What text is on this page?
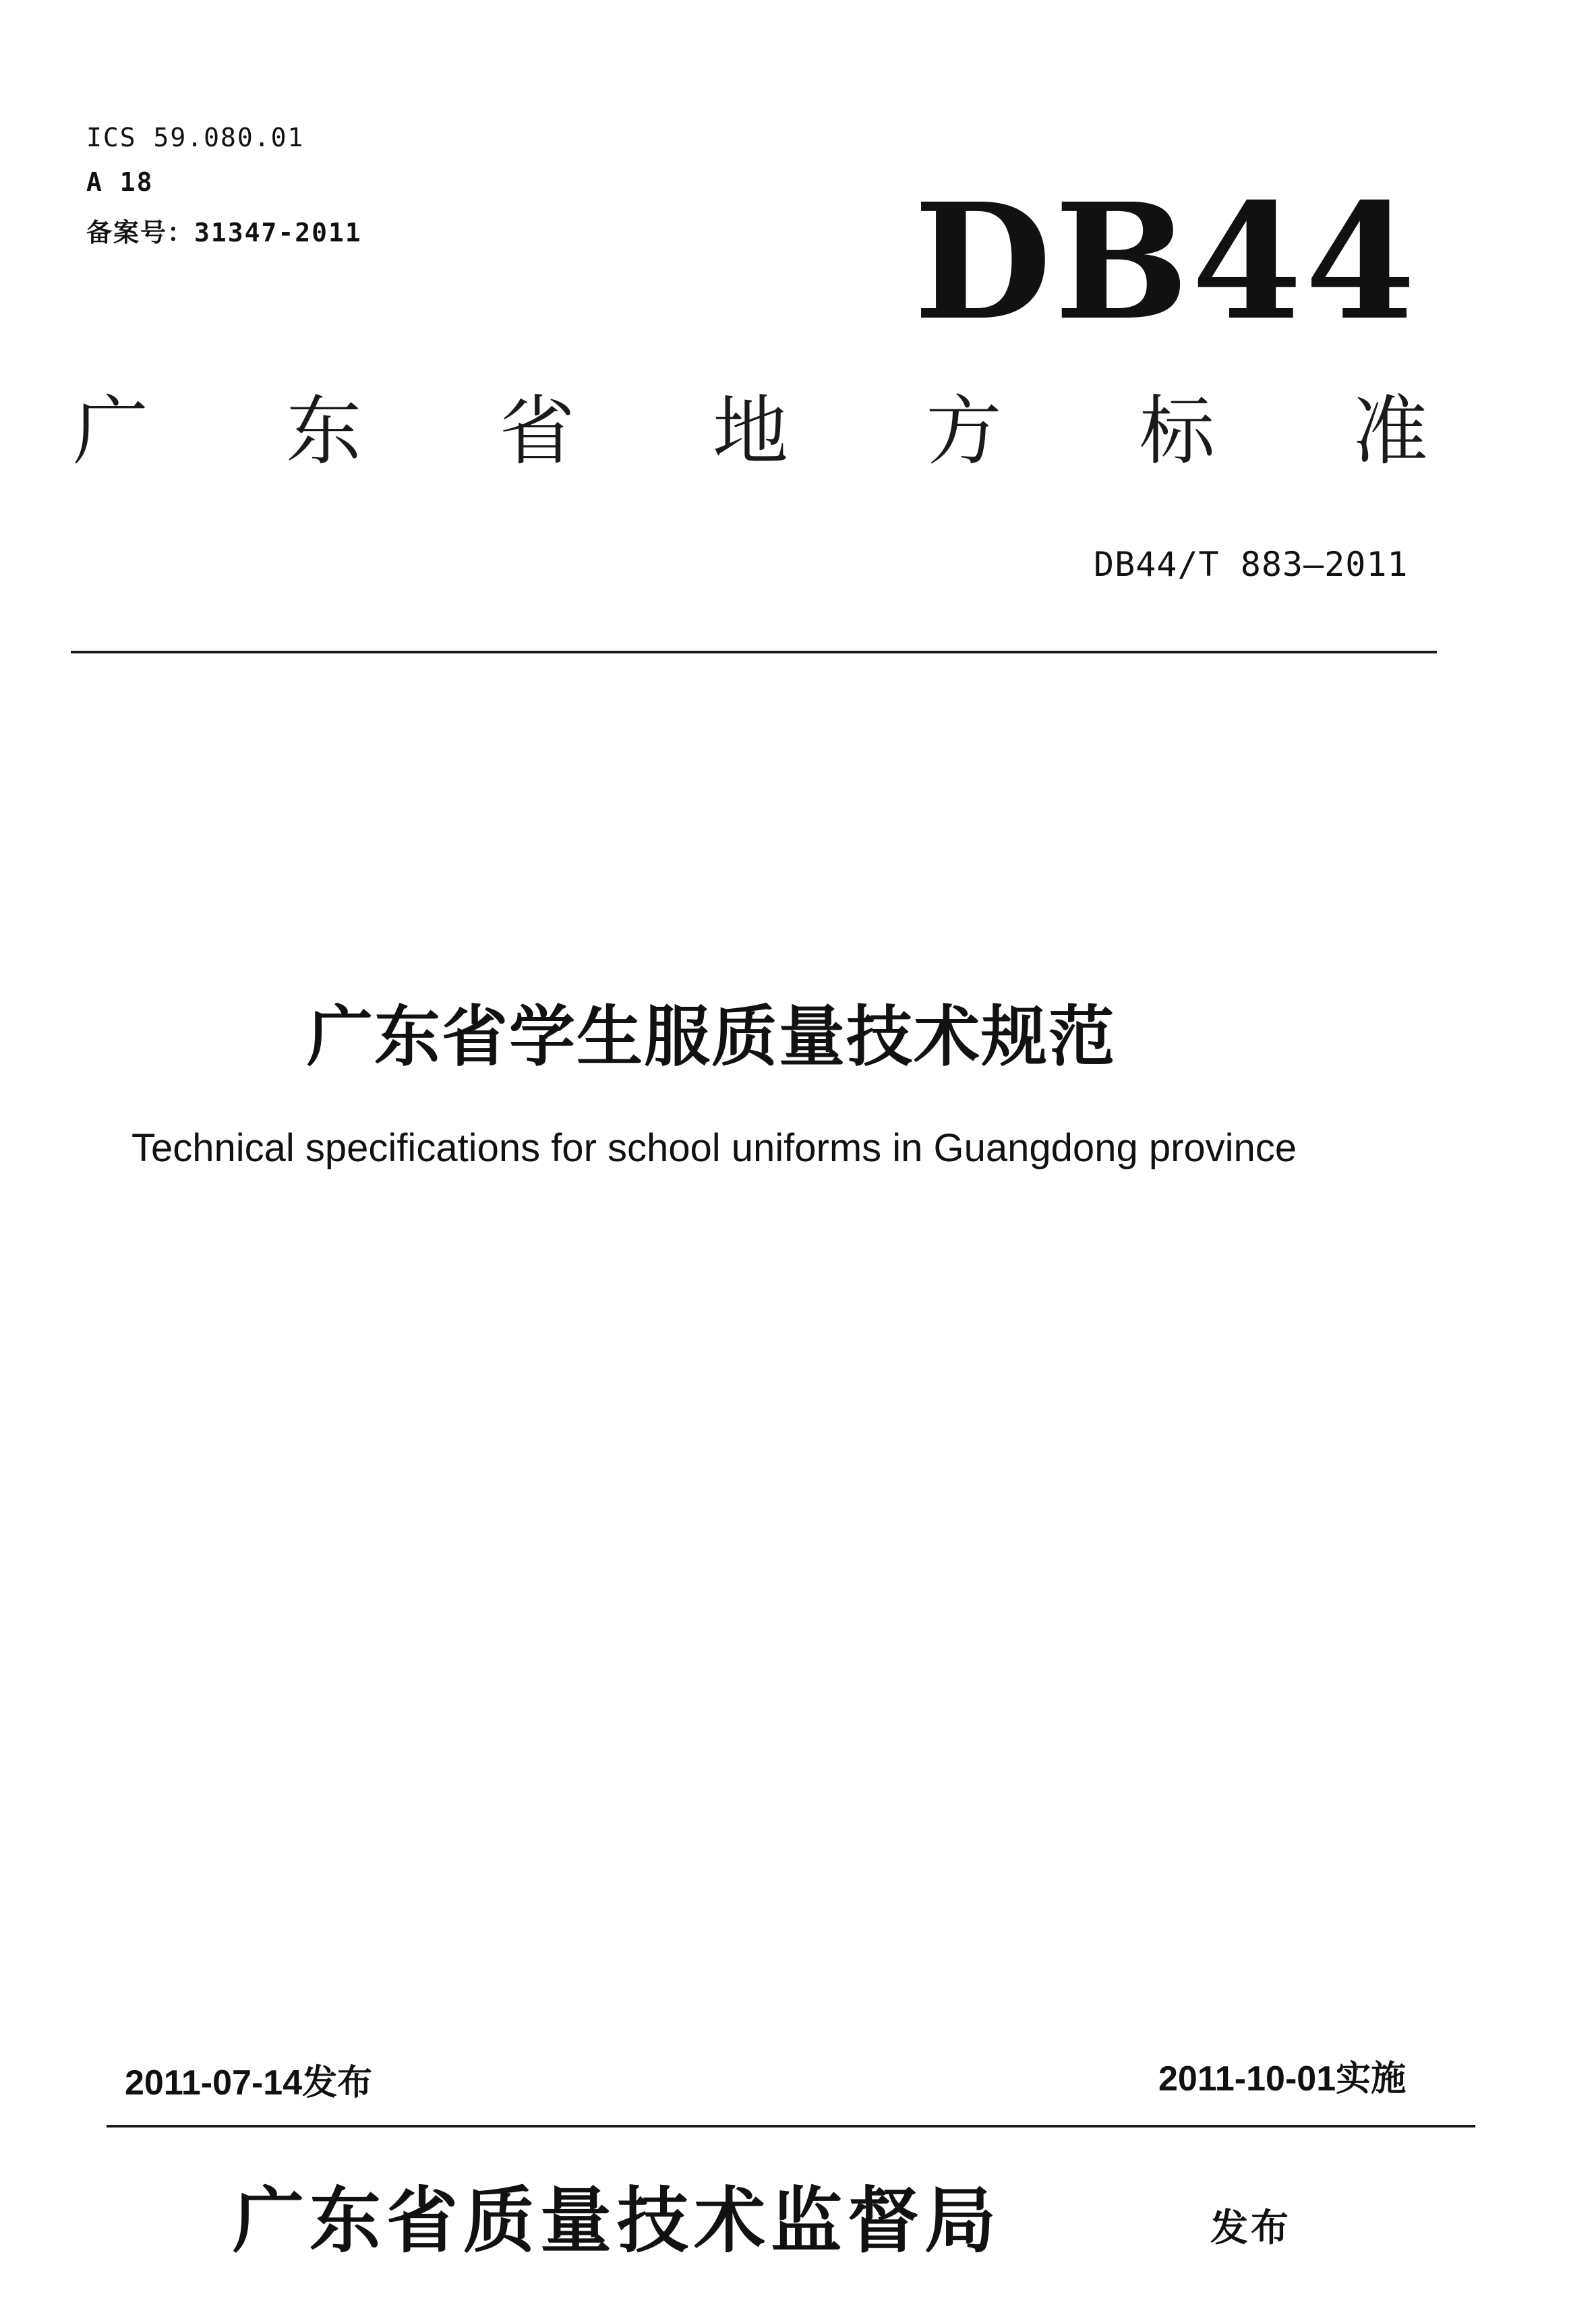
ICS 59.080.01
A 18
备案号：31347-2011	DB44
广 东 省 地 方 标 准
DB44/T 883—2011
广东省学生服质量技术规范
Technical specifications for school uniforms in Guangdong province
2011-07-14发布	2011-10-01实施
广东省质量技术监督局	发布
